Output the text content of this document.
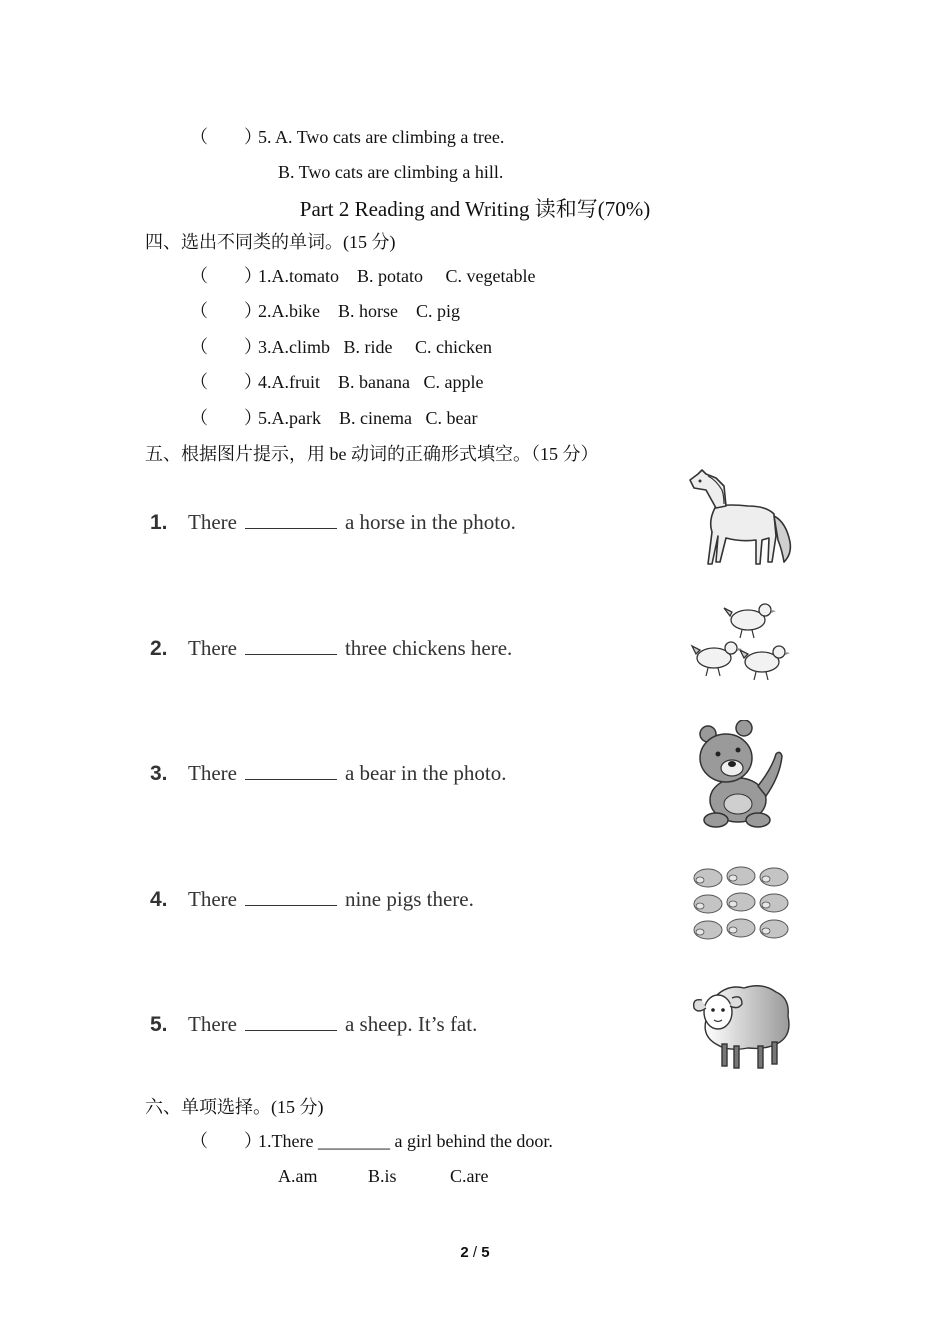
（　　）
5. A. Two cats are climbing a tree.
B. Two cats are climbing a hill.
Part 2 Reading and Writing 读和写(70%)
四、选出不同类的单词。(15 分)
（　　）
1.A.tomato    B. potato     C. vegetable
（　　）
2.A.bike    B. horse    C. pig
（　　）
3.A.climb   B. ride     C. chicken
（　　）
4.A.fruit    B. banana   C. apple
（　　）
5.A.park    B. cinema   C. bear
五、根据图片提示，用 be 动词的正确形式填空。（15 分）
1. There	a horse in the photo.
2. There	three chickens here.
3. There	a bear in the photo.
4. There	nine pigs there.
5. There	a sheep. It’s fat.
六、单项选择。(15 分)
（　　）
1.There ________ a girl behind the door.
A.am	B.is	C.are
2 / 5
